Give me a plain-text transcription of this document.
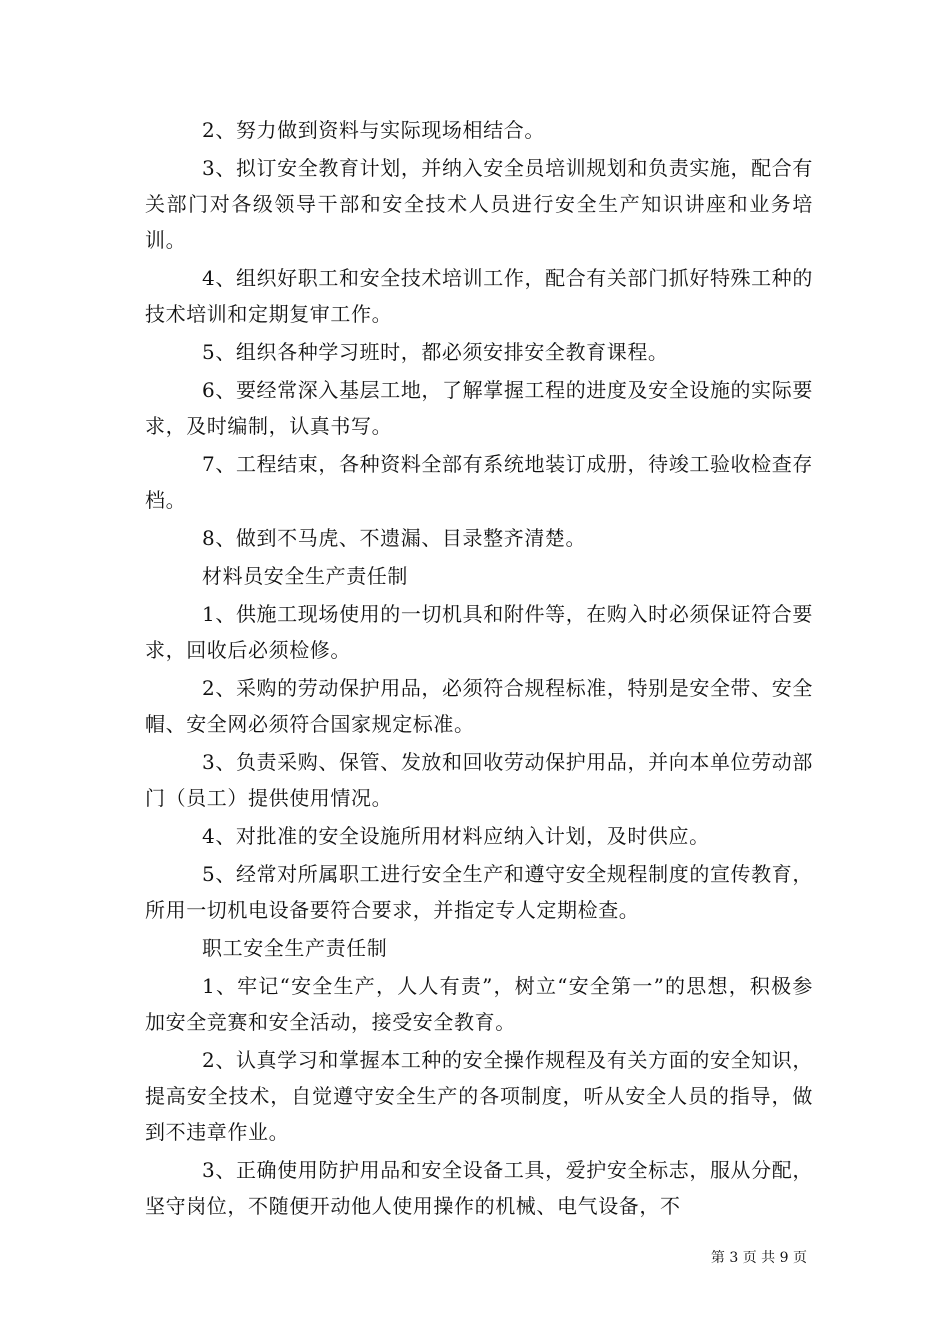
2、努力做到资料与实际现场相结合。

3、拟订安全教育计划，并纳入安全员培训规划和负责实施，配合有关部门对各级领导干部和安全技术人员进行安全生产知识讲座和业务培训。

4、组织好职工和安全技术培训工作，配合有关部门抓好特殊工种的技术培训和定期复审工作。

5、组织各种学习班时，都必须安排安全教育课程。

6、要经常深入基层工地，了解掌握工程的进度及安全设施的实际要求，及时编制，认真书写。

7、工程结束，各种资料全部有系统地装订成册，待竣工验收检查存档。

8、做到不马虎、不遗漏、目录整齐清楚。

材料员安全生产责任制

1、供施工现场使用的一切机具和附件等，在购入时必须保证符合要求，回收后必须检修。

2、采购的劳动保护用品，必须符合规程标准，特别是安全带、安全帽、安全网必须符合国家规定标准。

3、负责采购、保管、发放和回收劳动保护用品，并向本单位劳动部门（员工）提供使用情况。

4、对批准的安全设施所用材料应纳入计划，及时供应。

5、经常对所属职工进行安全生产和遵守安全规程制度的宣传教育，所用一切机电设备要符合要求，并指定专人定期检查。

职工安全生产责任制

1、牢记“安全生产，人人有责”，树立“安全第一”的思想，积极参加安全竞赛和安全活动，接受安全教育。

2、认真学习和掌握本工种的安全操作规程及有关方面的安全知识，提高安全技术，自觉遵守安全生产的各项制度，听从安全人员的指导，做到不违章作业。

3、正确使用防护用品和安全设备工具，爱护安全标志，服从分配，坚守岗位，不随便开动他人使用操作的机械、电气设备，不

第 3 页 共 9 页
